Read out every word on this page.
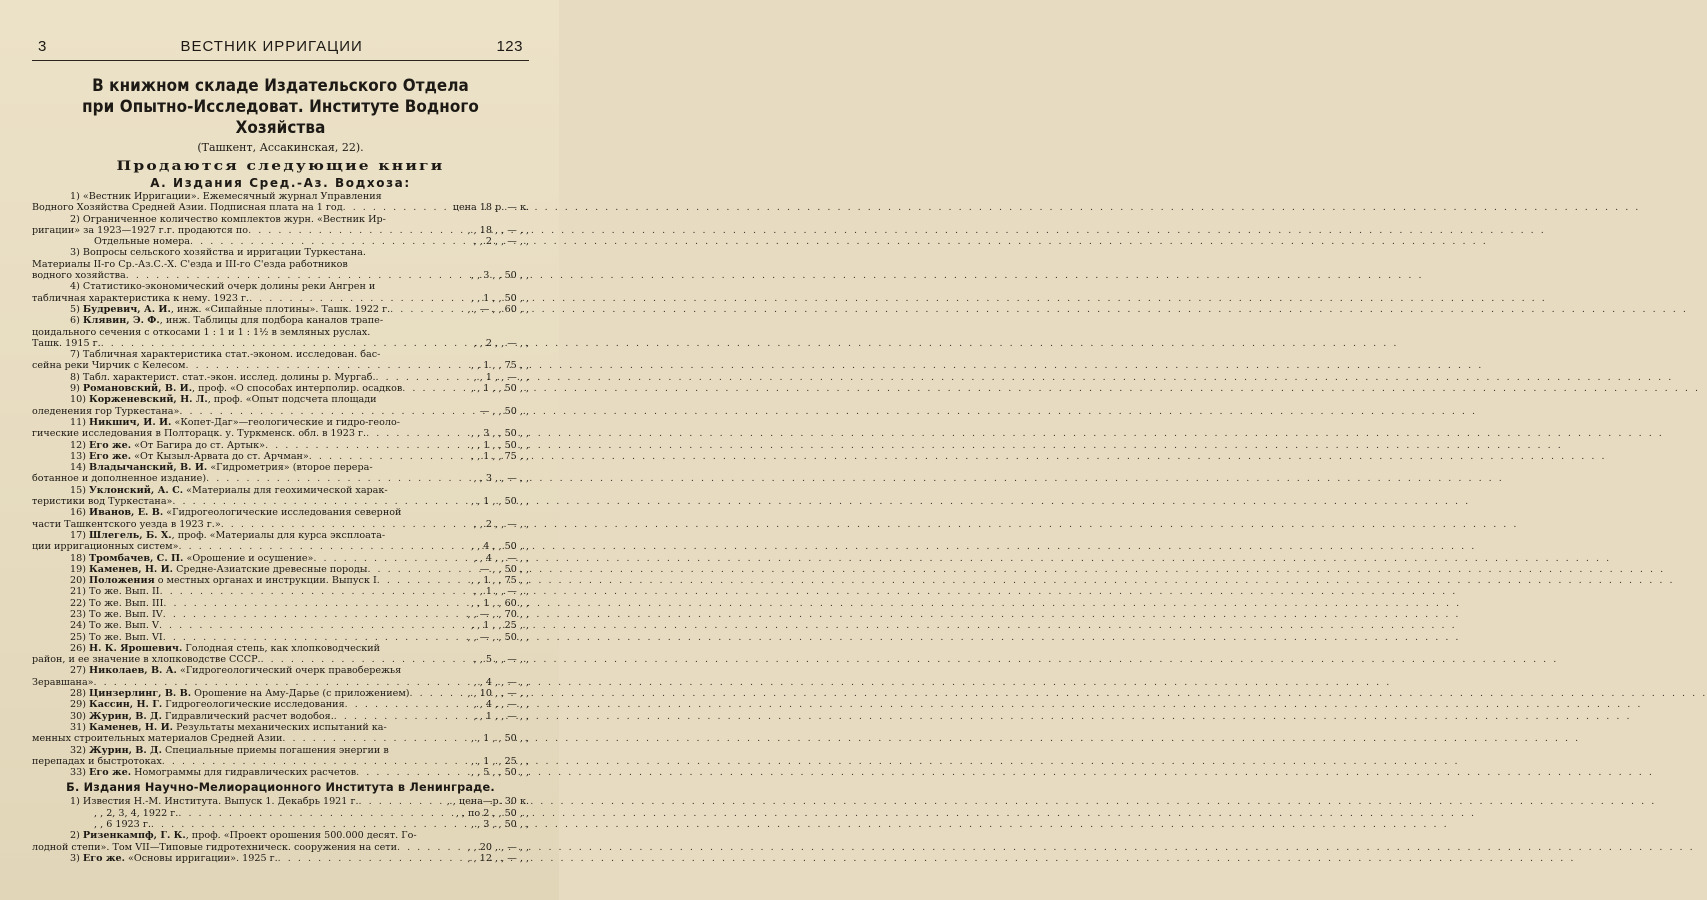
3	ВЕСТНИК ИРРИГАЦИИ	123
В книжном складе Издательского Отдела
при Опытно-Исследоват. Институте Водного Хозяйства
(Ташкент, Ассакинская, 22).
Продаются следующие книги
А. Издания Сред.-Аз. Водхоза:
1) «Вестник Ирригации». Ежемесячный журнал Управления
Водного Хозяйства Средней Азии. Подписная плата на 1 год . . .	цена 18 р. — к.
2) Ограниченное количество комплектов журн. «Вестник Ир-
ригации» за 1923—1927 г.г. продаются по . . .	, , 18 , , — , ,
Отдельные номера . . .	, , 2 , , — , ,
3) Вопросы сельского хозяйства и ирригации Туркестана.
Материалы II-го Ср.-Аз.С.-Х. С'езда и III-го С'езда работников
водного хозяйства . . .	, , 3 , , 50 , ,
4) Статистико-экономический очерк долины реки Ангрен и
табличная характеристика к нему. 1923 г. . . .	, , 1 , , 50 , ,
5) Будревич, А. И., инж. «Сипайные плотины». Ташк. 1922 г. . . .	, , — , , 60 , ,
6) Клявин, Э. Ф., инж. Таблицы для подбора каналов трапе-
цоидального сечения с откосами 1 : 1 и 1 : 1½ в земляных руслах.
Ташк. 1915 г. . . .	, , 2 , , — , ,
7) Табличная характеристика стат.-эконом. исследован. бас-
сейна реки Чирчик с Келесом . . .	, , 1 , , 75 , ,
8) Табл. характерист. стат.-экон. исслед. долины р. Мургаб. . . .	, , 1 , , — , ,
9) Романовский, В. И., проф. «О способах интерполир. осадков . . .	, , 1 , , 50 , ,
10) Корженевский, Н. Л., проф. «Опыт подсчета площади
оледенения гор Туркестана» . . .	— , , 50 , ,
11) Никшич, И. И. «Копет-Даг»—геологические и гидро-геоло-
гические исследования в Полторацк. у. Туркменск. обл. в 1923 г. . . .	, , 3 , , 50 , ,
12) Его же. «От Багира до ст. Артык» . . .	, , 1 , , 50 , ,
13) Его же. «От Кызыл-Арвата до ст. Арчман» . . .	, , 1 , , 75 , ,
14) Владычанский, В. И. «Гидрометрия» (второе перера-
ботанное и дополненное издание) . . .	, , 3 , , — , ,
15) Уклонский, А. С. «Материалы для геохимической харак-
теристики вод Туркестана» . . .	, , 1 , , 50 , ,
16) Иванов, Е. В. «Гидрогеологические исследования северной
части Ташкентского уезда в 1923 г.» . . .	, , 2 , , — , ,
17) Шлегель, Б. Х., проф. «Материалы для курса эксплоата-
ции ирригационных систем» . . .	, , 4 , , 50 , ,
18) Тромбачев, С. П. «Орошение и осушение» . . .	, , 4 , , — , ,
19) Каменев, Н. И. Средне-Азиатские древесные породы . . .	— , , 50 , ,
20) Положения о местных органах и инструкции. Выпуск I . . .	, , 1 , , 75 , ,
21) То же. Вып. II . . .	, , 1 , , — , ,
22) То же. Вып. III . . .	, , 1 , , 60 , ,
23) То же. Вып. IV . . .	, , — , , 70 , ,
24) То же. Вып. V . . .	, , 1 , , 25 , ,
25) То же. Вып. VI . . .	, , — , , 50 , ,
26) Н. К. Ярошевич. Голодная степь, как хлопководческий
район, и ее значение в хлопководстве СССР. . . .	, , 5 , , — , ,
27) Николаев, В. А. «Гидрогеологический очерк правобережья
Зеравшана» . . .	, , 4 , , — , ,
28) Цинзерлинг, В. В. Орошение на Аму-Дарье (с приложением) . . .	, , 10 , , — , ,
29) Кассин, Н. Г. Гидрогеологические исследования . . .	, , 4 , , — , ,
30) Журин, В. Д. Гидравлический расчет водобоя. . . .	, , 1 , , — , ,
31) Каменев, Н. И. Результаты механических испытаний ка-
менных строительных материалов Средней Азии . . .	, , 1 , , 50 , ,
32) Журин, В. Д. Специальные приемы погашения энергии в
перепадах и быстротоках . . .	, , 1 , , 25 , ,
33) Его же. Номограммы для гидравлических расчетов . . .	, , 5 , , 50 , ,
Б. Издания Научно-Мелиорационного Института в Ленинграде.
1) Известия Н.-М. Института. Выпуск 1. Декабрь 1921 г. . . .	, , цена—р. 30 к.
, , 2, 3, 4, 1922 г. . . .	, , по 2 , , 50 , ,
, , 6 1923 г. . . .	, , 3 , , 50 , ,
2) Ризенкампф, Г. К., проф. «Проект орошения 500.000 десят. Го-
лодной степи». Том VII—Типовые гидротехническ. сооружения на сети . . .	, , 20 , , — , ,
3) Его же. «Основы ирригации». 1925 г. . . .	, , 12 , , — , ,
